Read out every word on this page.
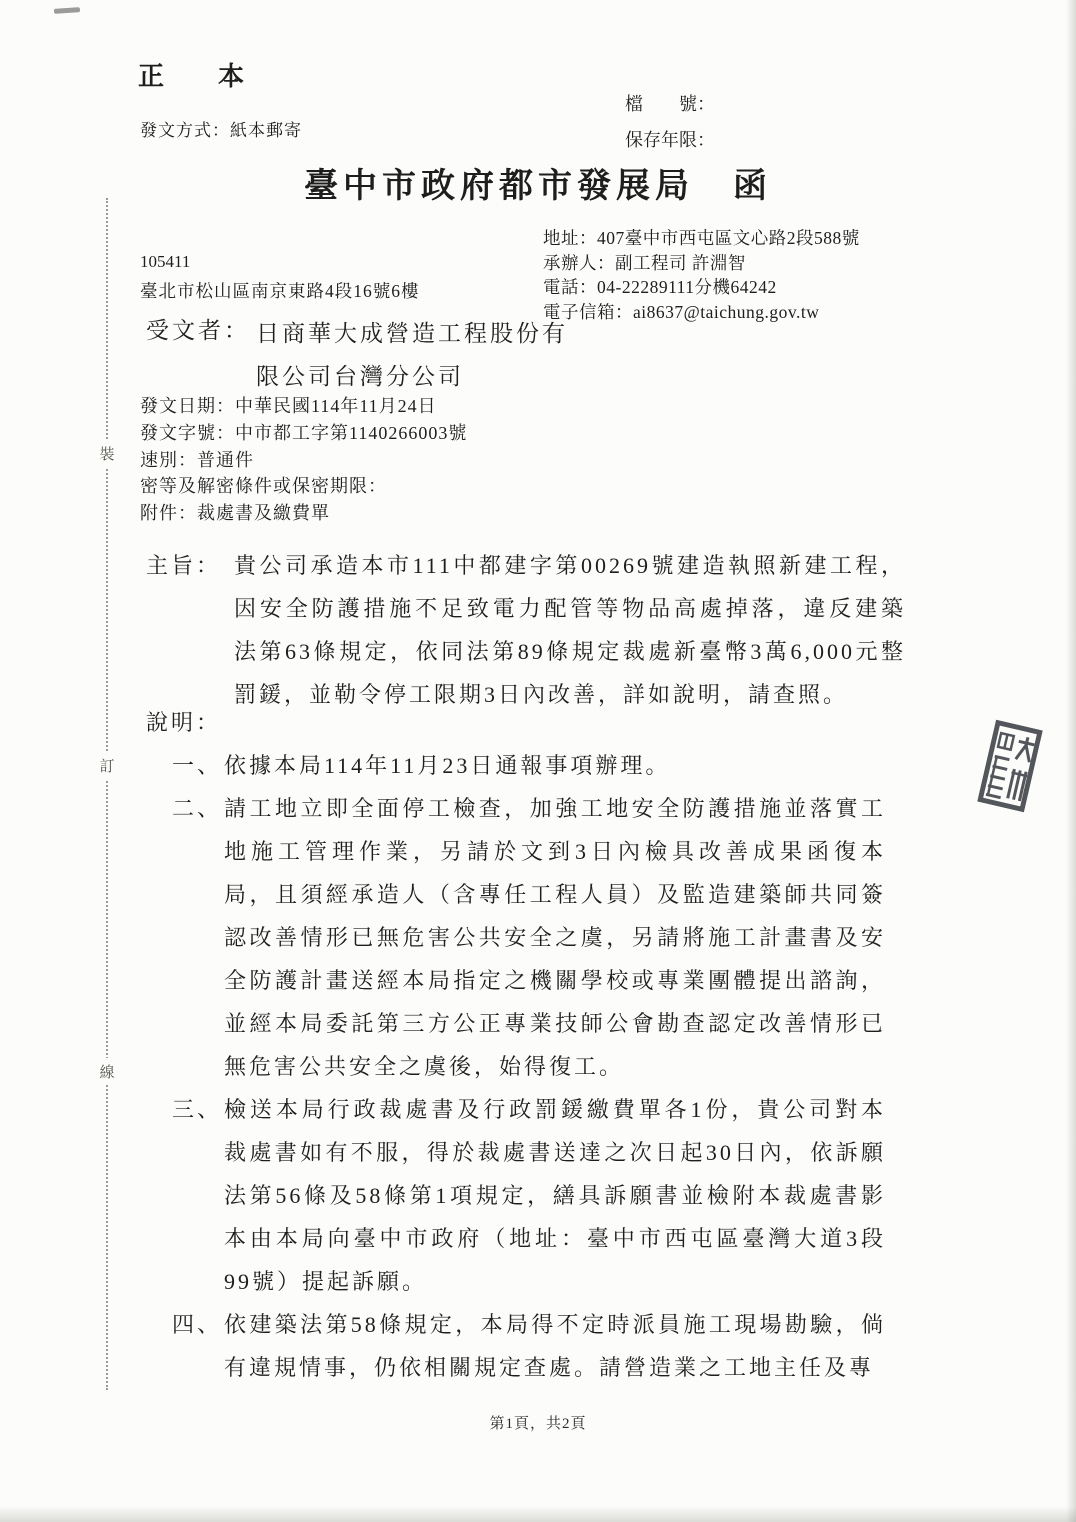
裝
訂
線
正　本
發文方式：紙本郵寄
檔　　號：
保存年限：
臺中市政府都市發展局　函
地址：407臺中市西屯區文心路2段588號
承辦人：副工程司 許淵智
電話：04-22289111分機64242
電子信箱：ai8637@taichung.gov.tw
105411
臺北市松山區南京東路4段16號6樓
受文者： 日商華大成營造工程股份有限公司台灣分公司
發文日期：中華民國114年11月24日
發文字號：中市都工字第1140266003號
速別：普通件
密等及解密條件或保密期限：
附件：裁處書及繳費單
主旨： 貴公司承造本市111中都建字第00269號建造執照新建工程，因安全防護措施不足致電力配管等物品高處掉落，違反建築法第63條規定，依同法第89條規定裁處新臺幣3萬6,000元整罰鍰，並勒令停工限期3日內改善，詳如說明，請查照。
說明：
一、 依據本局114年11月23日通報事項辦理。
二、 請工地立即全面停工檢查，加強工地安全防護措施並落實工地施工管理作業，另請於文到3日內檢具改善成果函復本局，且須經承造人（含專任工程人員）及監造建築師共同簽認改善情形已無危害公共安全之虞，另請將施工計畫書及安全防護計畫送經本局指定之機關學校或專業團體提出諮詢，並經本局委託第三方公正專業技師公會勘查認定改善情形已無危害公共安全之虞後，始得復工。
三、 檢送本局行政裁處書及行政罰鍰繳費單各1份，貴公司對本裁處書如有不服，得於裁處書送達之次日起30日內，依訴願法第56條及58條第1項規定，繕具訴願書並檢附本裁處書影本由本局向臺中市政府（地址：臺中市西屯區臺灣大道3段99號）提起訴願。
四、 依建築法第58條規定，本局得不定時派員施工現場勘驗，倘有違規情事，仍依相關規定查處。請營造業之工地主任及專
第1頁，共2頁
